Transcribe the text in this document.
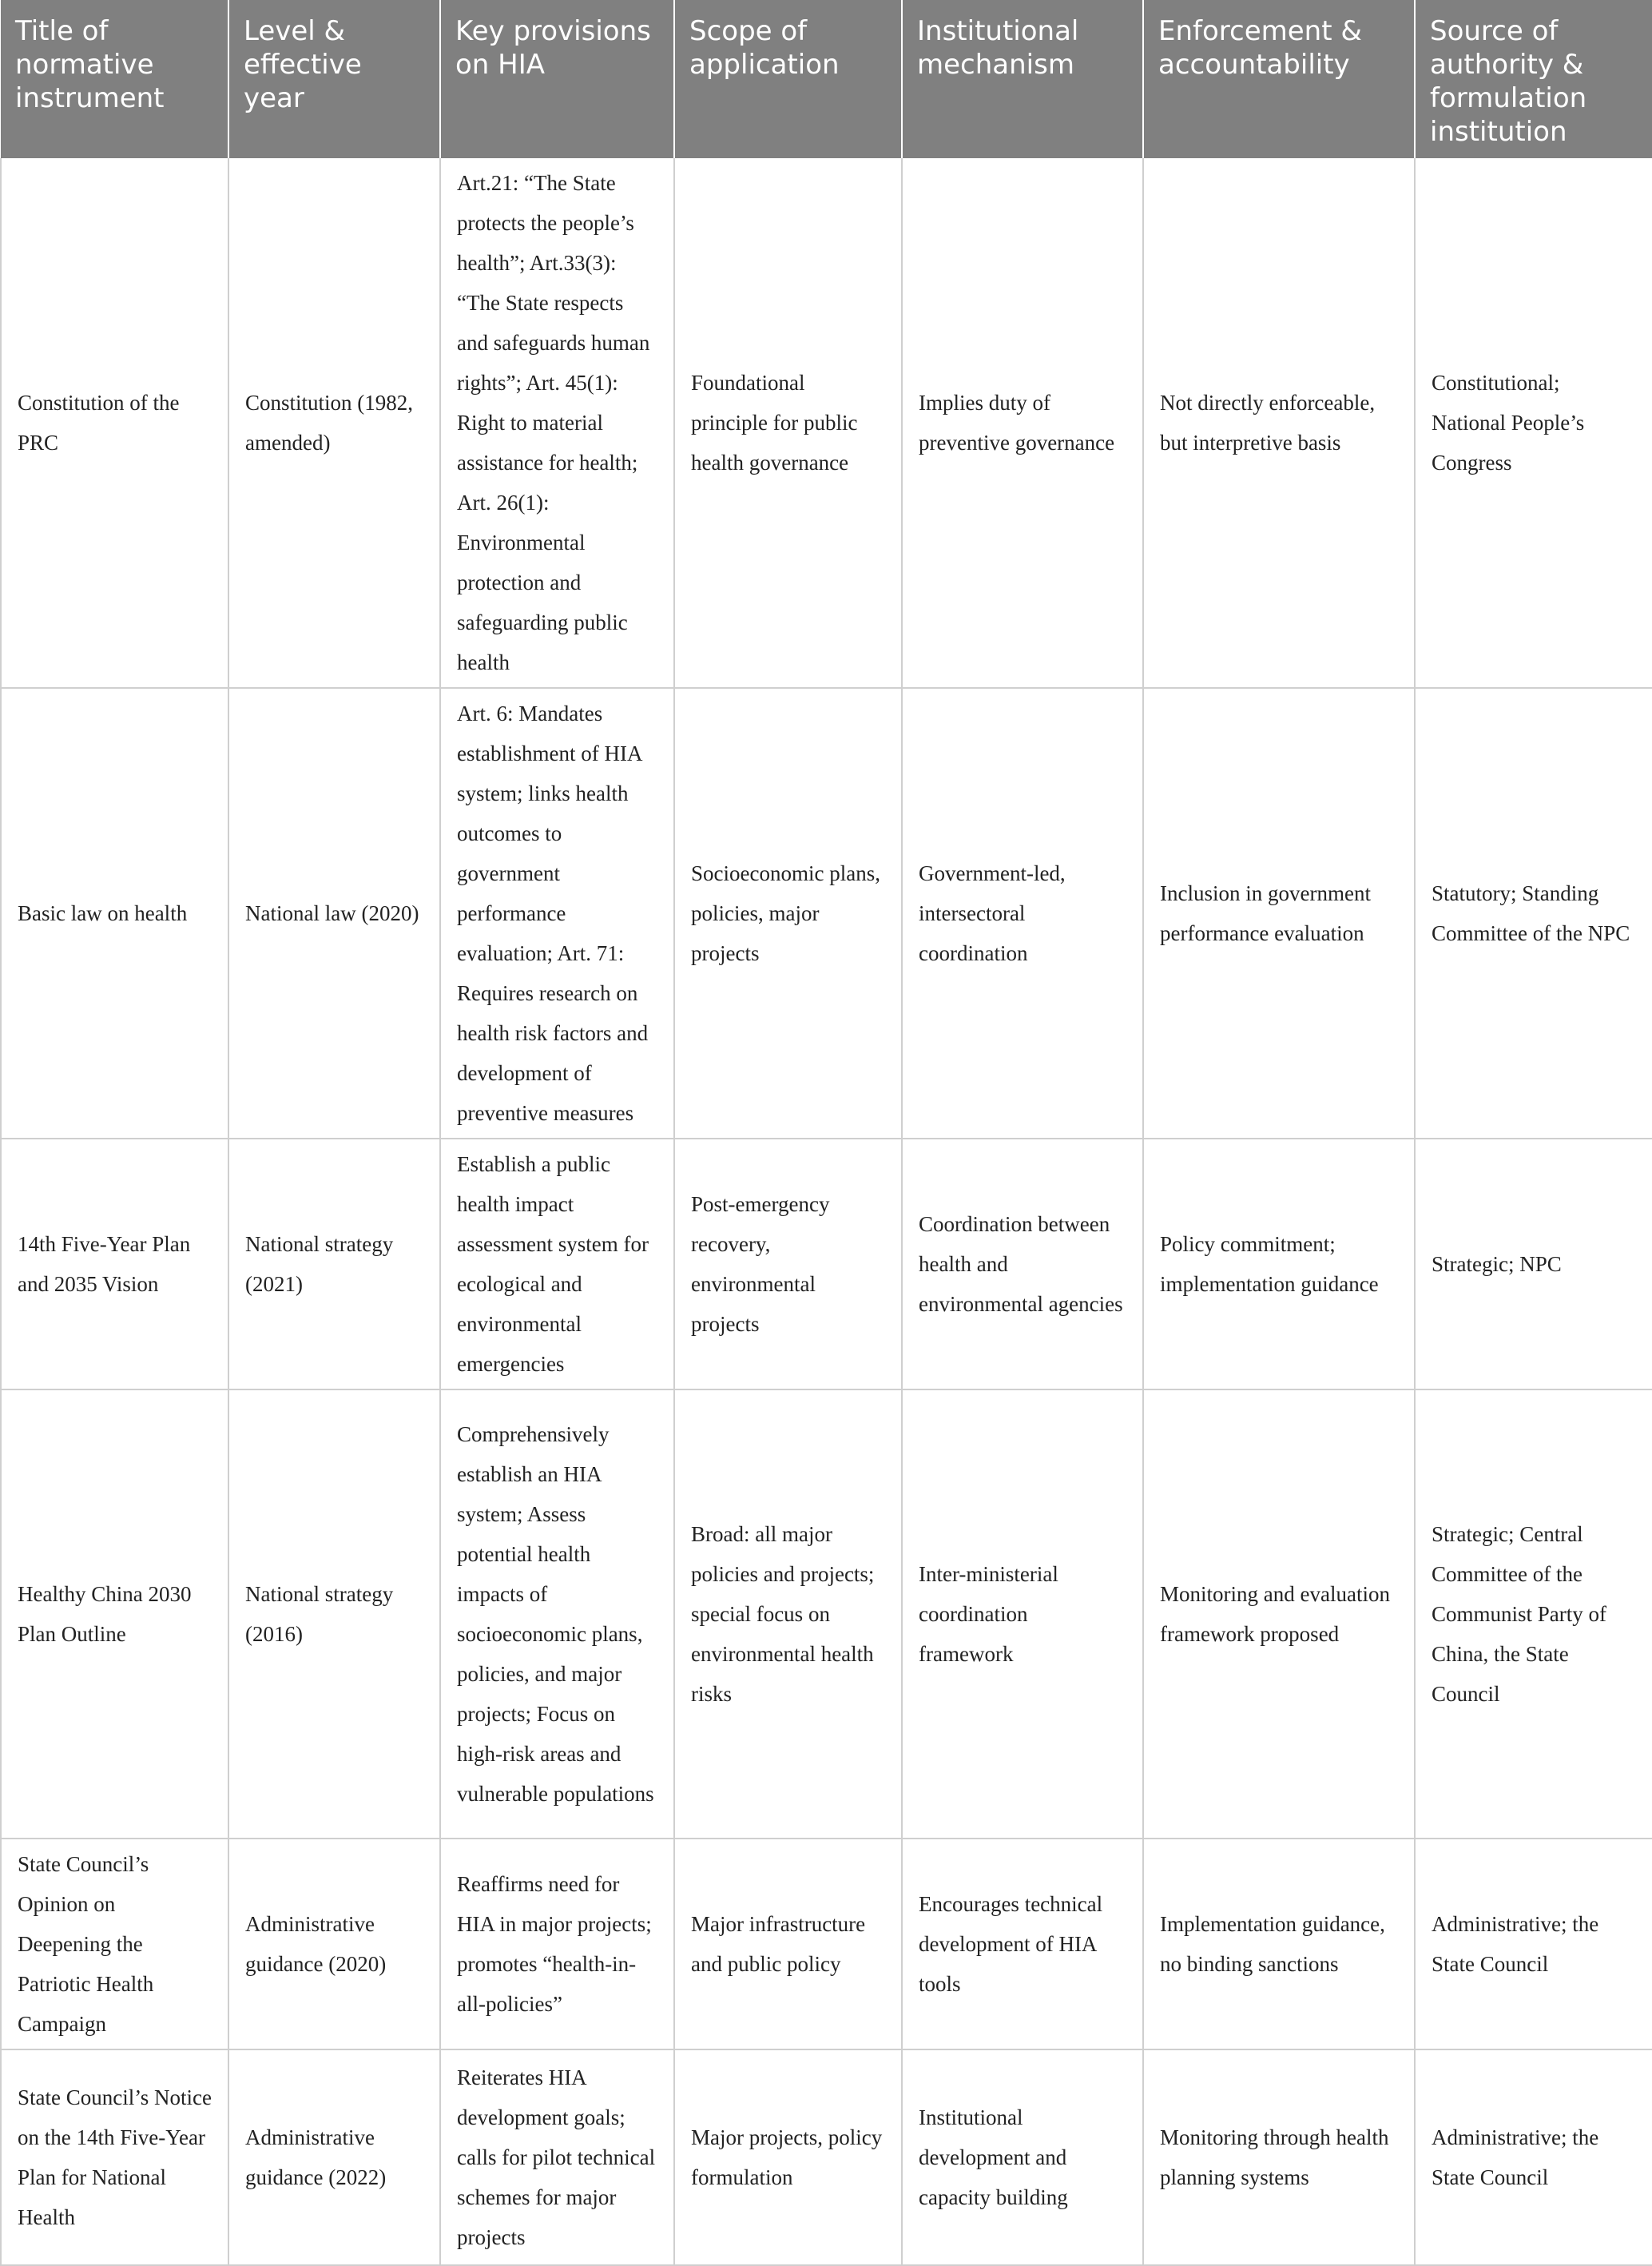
Title of normative instrument	Level & effective year	Key provisions on HIA	Scope of application	Institutional mechanism	Enforcement & accountability	Source of authority & formulation institution
Constitution of the PRC	Constitution (1982, amended)	Art.21: “The State protects the people’s health”; Art.33(3): “The State respects and safeguards human rights”; Art. 45(1): Right to material assistance for health; Art. 26(1): Environmental protection and safeguarding public health	Foundational principle for public health governance	Implies duty of preventive governance	Not directly enforceable, but interpretive basis	Constitutional; National People’s Congress
Basic law on health	National law (2020)	Art. 6: Mandates establishment of HIA system; links health outcomes to government performance evaluation; Art. 71: Requires research on health risk factors and development of preventive measures	Socioeconomic plans, policies, major projects	Government-led, intersectoral coordination	Inclusion in government performance evaluation	Statutory; Standing Committee of the NPC
14th Five-Year Plan and 2035 Vision	National strategy (2021)	Establish a public health impact assessment system for ecological and environmental emergencies	Post-emergency recovery, environmental projects	Coordination between health and environmental agencies	Policy commitment; implementation guidance	Strategic; NPC
Healthy China 2030 Plan Outline	National strategy (2016)	Comprehensively establish an HIA system; Assess potential health impacts of socioeconomic plans, policies, and major projects; Focus on high-risk areas and vulnerable populations	Broad: all major policies and projects; special focus on environmental health risks	Inter-ministerial coordination framework	Monitoring and evaluation framework proposed	Strategic; Central Committee of the Communist Party of China, the State Council
State Council’s Opinion on Deepening the Patriotic Health Campaign	Administrative guidance (2020)	Reaffirms need for HIA in major projects; promotes “health-in-all-policies”	Major infrastructure and public policy	Encourages technical development of HIA tools	Implementation guidance, no binding sanctions	Administrative; the State Council
State Council’s Notice on the 14th Five-Year Plan for National Health	Administrative guidance (2022)	Reiterates HIA development goals; calls for pilot technical schemes for major projects	Major projects, policy formulation	Institutional development and capacity building	Monitoring through health planning systems	Administrative; the State Council
